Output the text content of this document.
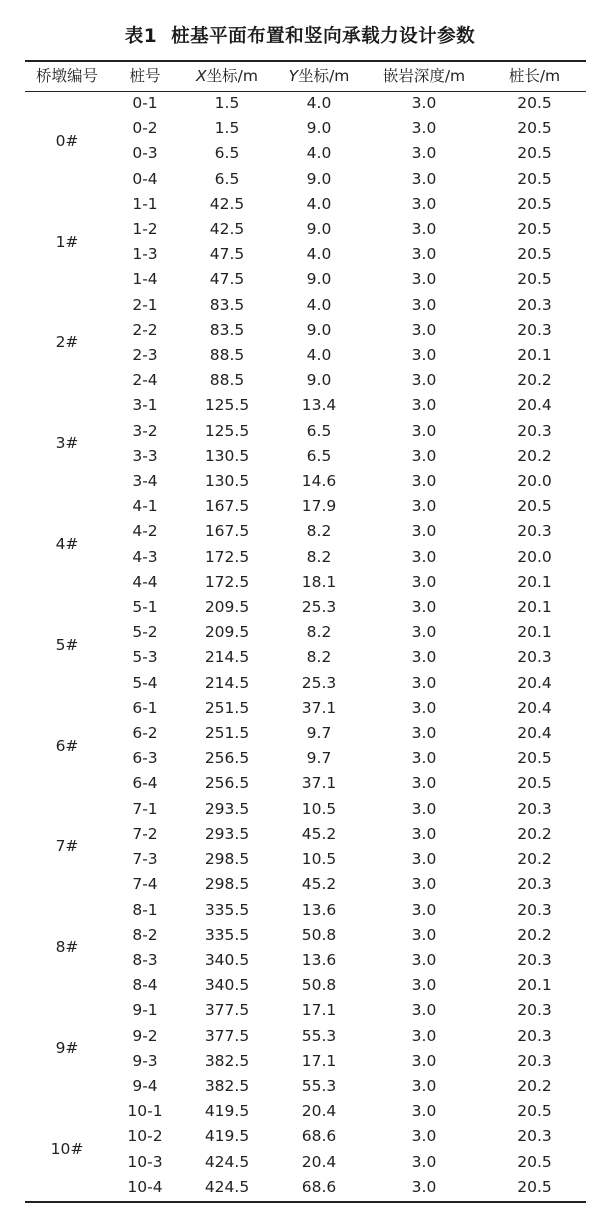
表1 桩基平面布置和竖向承载力设计参数
桥墩编号	桩号	X坐标/m	Y坐标/m	嵌岩深度/m	桩长/m
0#	0-1	1.5	4.0	3.0	20.5
	0-2	1.5	9.0	3.0	20.5
	0-3	6.5	4.0	3.0	20.5
	0-4	6.5	9.0	3.0	20.5
1#	1-1	42.5	4.0	3.0	20.5
	1-2	42.5	9.0	3.0	20.5
	1-3	47.5	4.0	3.0	20.5
	1-4	47.5	9.0	3.0	20.5
2#	2-1	83.5	4.0	3.0	20.3
	2-2	83.5	9.0	3.0	20.3
	2-3	88.5	4.0	3.0	20.1
	2-4	88.5	9.0	3.0	20.2
3#	3-1	125.5	13.4	3.0	20.4
	3-2	125.5	6.5	3.0	20.3
	3-3	130.5	6.5	3.0	20.2
	3-4	130.5	14.6	3.0	20.0
4#	4-1	167.5	17.9	3.0	20.5
	4-2	167.5	8.2	3.0	20.3
	4-3	172.5	8.2	3.0	20.0
	4-4	172.5	18.1	3.0	20.1
5#	5-1	209.5	25.3	3.0	20.1
	5-2	209.5	8.2	3.0	20.1
	5-3	214.5	8.2	3.0	20.3
	5-4	214.5	25.3	3.0	20.4
6#	6-1	251.5	37.1	3.0	20.4
	6-2	251.5	9.7	3.0	20.4
	6-3	256.5	9.7	3.0	20.5
	6-4	256.5	37.1	3.0	20.5
7#	7-1	293.5	10.5	3.0	20.3
	7-2	293.5	45.2	3.0	20.2
	7-3	298.5	10.5	3.0	20.2
	7-4	298.5	45.2	3.0	20.3
8#	8-1	335.5	13.6	3.0	20.3
	8-2	335.5	50.8	3.0	20.2
	8-3	340.5	13.6	3.0	20.3
	8-4	340.5	50.8	3.0	20.1
9#	9-1	377.5	17.1	3.0	20.3
	9-2	377.5	55.3	3.0	20.3
	9-3	382.5	17.1	3.0	20.3
	9-4	382.5	55.3	3.0	20.2
10#	10-1	419.5	20.4	3.0	20.5
	10-2	419.5	68.6	3.0	20.3
	10-3	424.5	20.4	3.0	20.5
	10-4	424.5	68.6	3.0	20.5
